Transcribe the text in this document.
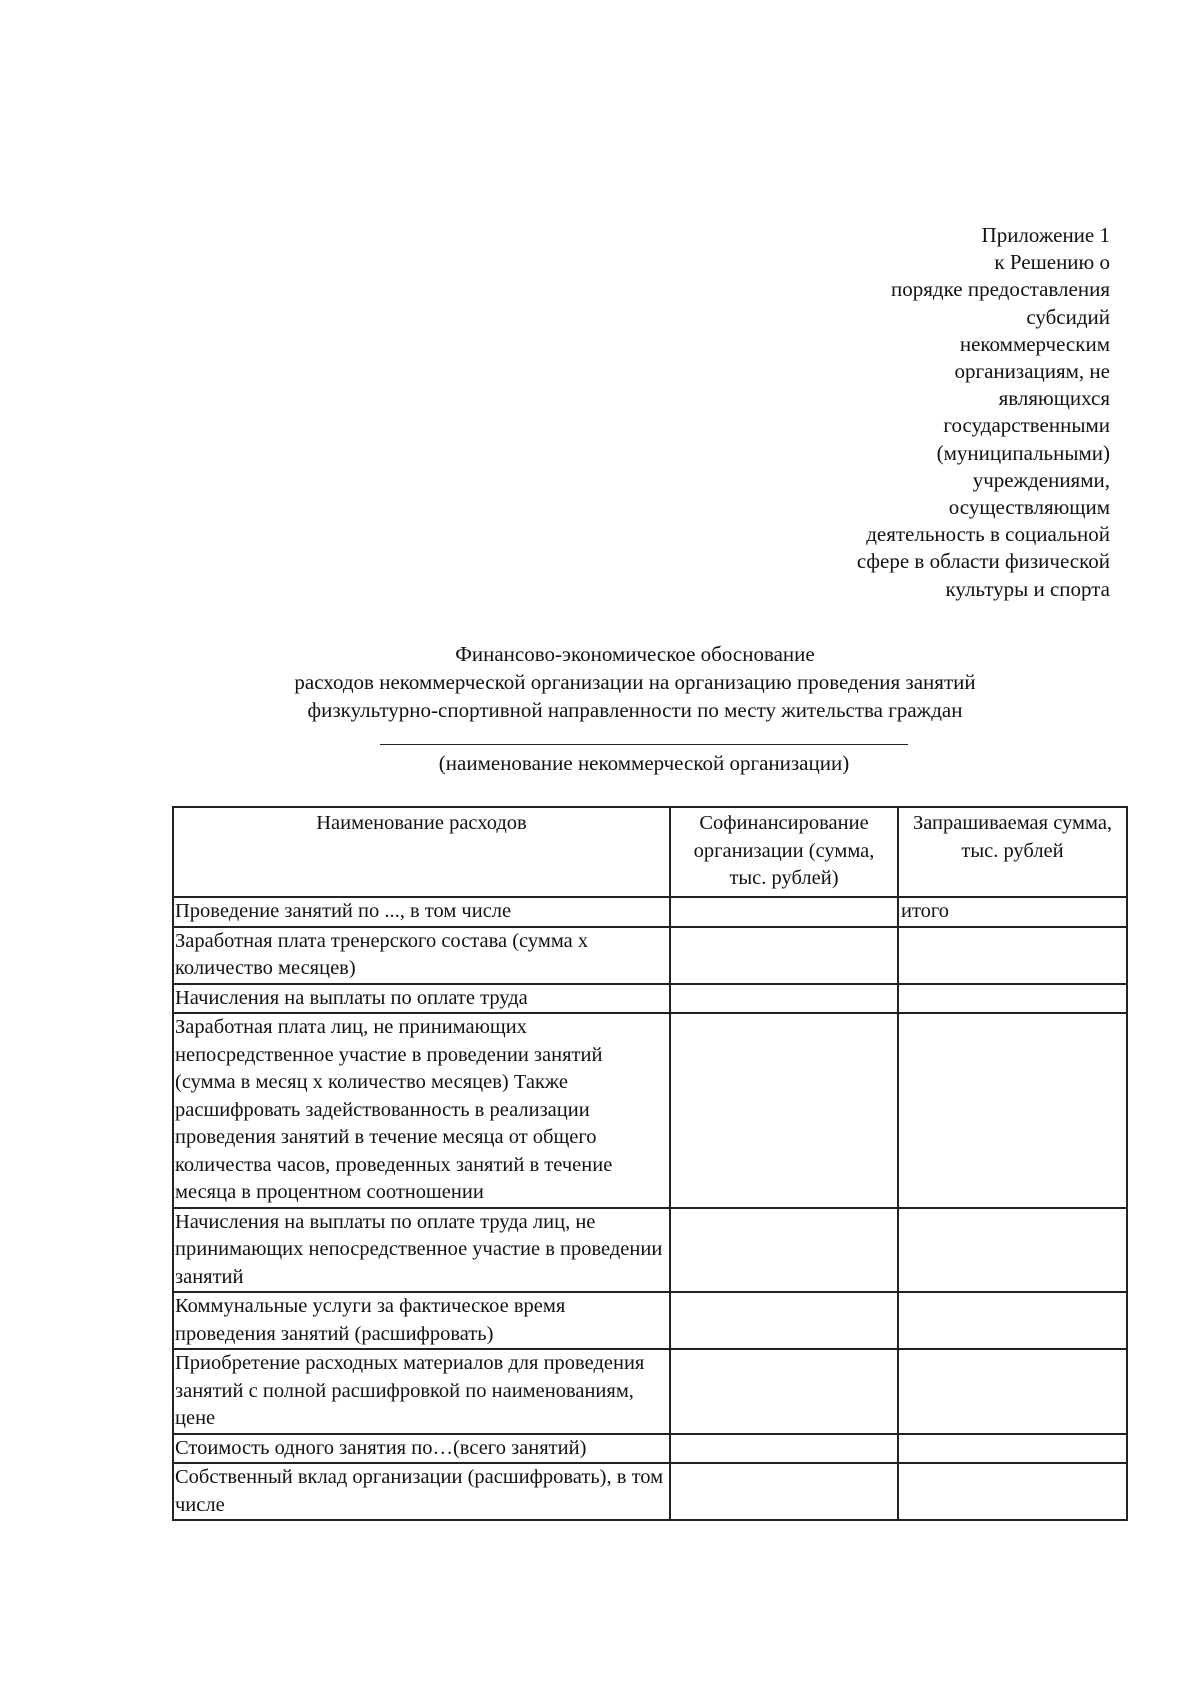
Приложение 1
к Решению о
порядке предоставления
субсидий
некоммерческим
организациям, не
являющихся
государственными
(муниципальными)
учреждениями,
осуществляющим
деятельность в социальной
сфере в области физической
культуры и спорта
Финансово-экономическое обоснование
расходов некоммерческой организации на организацию проведения занятий
физкультурно-спортивной направленности по месту жительства граждан
(наименование некоммерческой организации)
Наименование расходов	Софинансирование организации (сумма, тыс. рублей)	Запрашиваемая сумма, тыс. рублей
Проведение занятий по ..., в том числе		итого
Заработная плата тренерского состава (сумма х количество месяцев)		
Начисления на выплаты по оплате труда		
Заработная плата лиц, не принимающих непосредственное участие в проведении занятий (сумма в месяц х количество месяцев) Также расшифровать задействованность в реализации проведения занятий в течение месяца от общего количества часов, проведенных занятий в течение месяца в процентном соотношении		
Начисления на выплаты по оплате труда лиц, не принимающих непосредственное участие в проведении занятий		
Коммунальные услуги за фактическое время проведения занятий (расшифровать)		
Приобретение расходных материалов для проведения занятий с полной расшифровкой по наименованиям, цене		
Стоимость одного занятия по…(всего занятий)		
Собственный вклад организации (расшифровать), в том числе		
